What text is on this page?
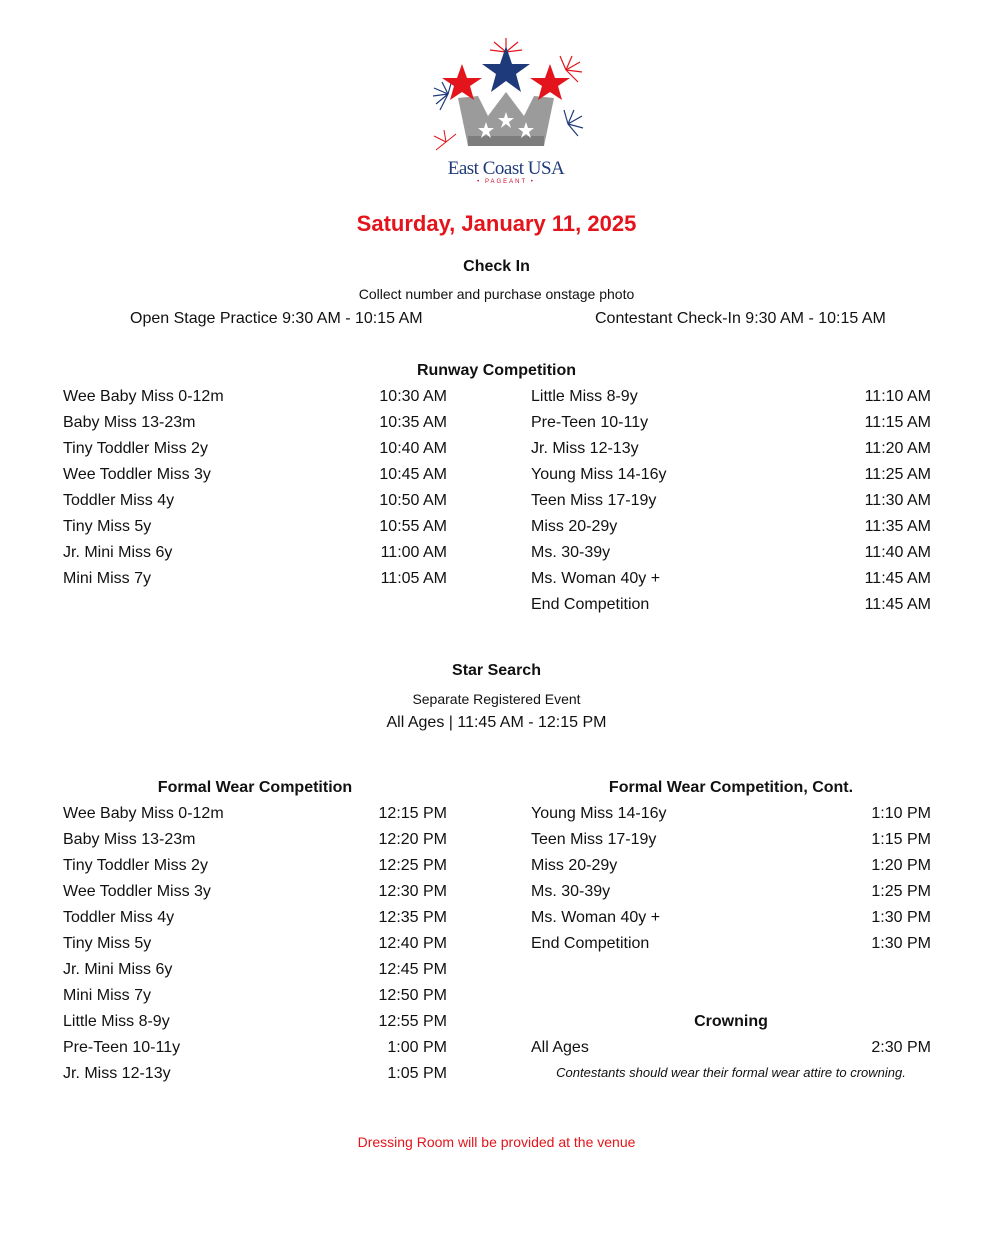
East Coast USA
• PAGEANT •
Saturday, January 11, 2025
Check In
Collect number and purchase onstage photo
Open Stage Practice 9:30 AM - 10:15 AM	Contestant Check-In 9:30 AM - 10:15 AM
Runway Competition
Wee Baby Miss 0-12m	10:30 AM
Baby Miss 13-23m	10:35 AM
Tiny Toddler Miss 2y	10:40 AM
Wee Toddler Miss 3y	10:45 AM
Toddler Miss 4y	10:50 AM
Tiny Miss 5y	10:55 AM
Jr. Mini Miss 6y	11:00 AM
Mini Miss 7y	11:05 AM
Little Miss 8-9y	11:10 AM
Pre-Teen 10-11y	11:15 AM
Jr. Miss 12-13y	11:20 AM
Young Miss 14-16y	11:25 AM
Teen Miss 17-19y	11:30 AM
Miss 20-29y	11:35 AM
Ms. 30-39y	11:40 AM
Ms. Woman 40y +	11:45 AM
End Competition	11:45 AM
Star Search
Separate Registered Event
All Ages | 11:45 AM - 12:15 PM
Formal Wear Competition	Formal Wear Competition, Cont.
Wee Baby Miss 0-12m	12:15 PM
Baby Miss 13-23m	12:20 PM
Tiny Toddler Miss 2y	12:25 PM
Wee Toddler Miss 3y	12:30 PM
Toddler Miss 4y	12:35 PM
Tiny Miss 5y	12:40 PM
Jr. Mini Miss 6y	12:45 PM
Mini Miss 7y	12:50 PM
Little Miss 8-9y	12:55 PM
Pre-Teen 10-11y	1:00 PM
Jr. Miss 12-13y	1:05 PM
Young Miss 14-16y	1:10 PM
Teen Miss 17-19y	1:15 PM
Miss 20-29y	1:20 PM
Ms. 30-39y	1:25 PM
Ms. Woman 40y +	1:30 PM
End Competition	1:30 PM
Crowning
All Ages	2:30 PM
Contestants should wear their formal wear attire to crowning.
Dressing Room will be provided at the venue
